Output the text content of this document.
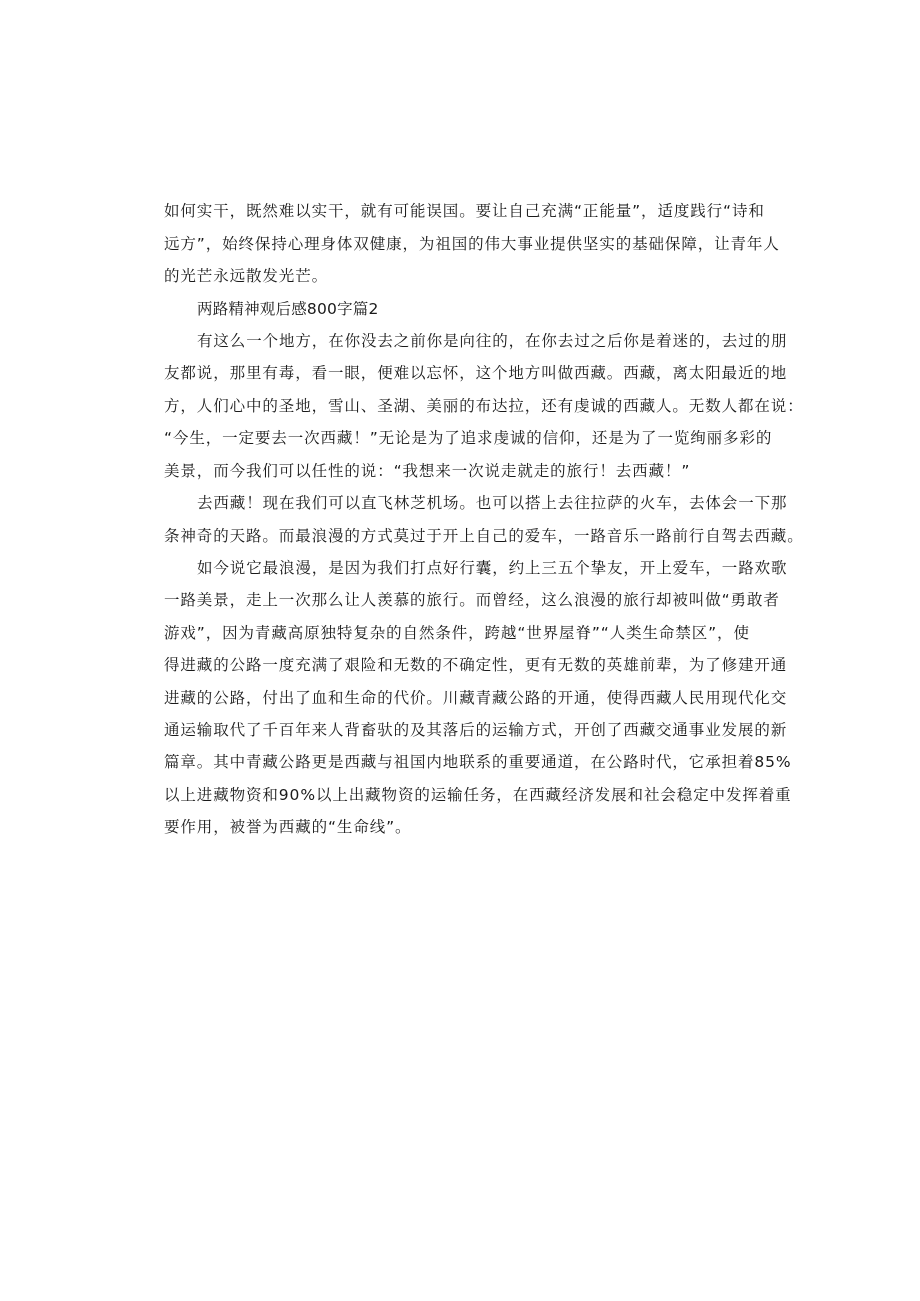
如何实干，既然难以实干，就有可能误国。要让自己充满“正能量”，适度践行“诗和
远方”，始终保持心理身体双健康，为祖国的伟大事业提供坚实的基础保障，让青年人
的光芒永远散发光芒。
两路精神观后感800字篇2
有这么一个地方，在你没去之前你是向往的，在你去过之后你是着迷的，去过的朋
友都说，那里有毒，看一眼，便难以忘怀，这个地方叫做西藏。西藏，离太阳最近的地
方，人们心中的圣地，雪山、圣湖、美丽的布达拉，还有虔诚的西藏人。无数人都在说：
“今生，一定要去一次西藏！”无论是为了追求虔诚的信仰，还是为了一览绚丽多彩的
美景，而今我们可以任性的说：“我想来一次说走就走的旅行！去西藏！”
去西藏！现在我们可以直飞林芝机场。也可以搭上去往拉萨的火车，去体会一下那
条神奇的天路。而最浪漫的方式莫过于开上自己的爱车，一路音乐一路前行自驾去西藏。
如今说它最浪漫，是因为我们打点好行囊，约上三五个挚友，开上爱车，一路欢歌
一路美景，走上一次那么让人羡慕的旅行。而曾经，这么浪漫的旅行却被叫做“勇敢者
游戏”，因为青藏高原独特复杂的自然条件，跨越“世界屋脊”“人类生命禁区”，使
得进藏的公路一度充满了艰险和无数的不确定性，更有无数的英雄前辈，为了修建开通
进藏的公路，付出了血和生命的代价。川藏青藏公路的开通，使得西藏人民用现代化交
通运输取代了千百年来人背畜驮的及其落后的运输方式，开创了西藏交通事业发展的新
篇章。其中青藏公路更是西藏与祖国内地联系的重要通道，在公路时代，它承担着85%
以上进藏物资和90%以上出藏物资的运输任务，在西藏经济发展和社会稳定中发挥着重
要作用，被誉为西藏的“生命线”。
